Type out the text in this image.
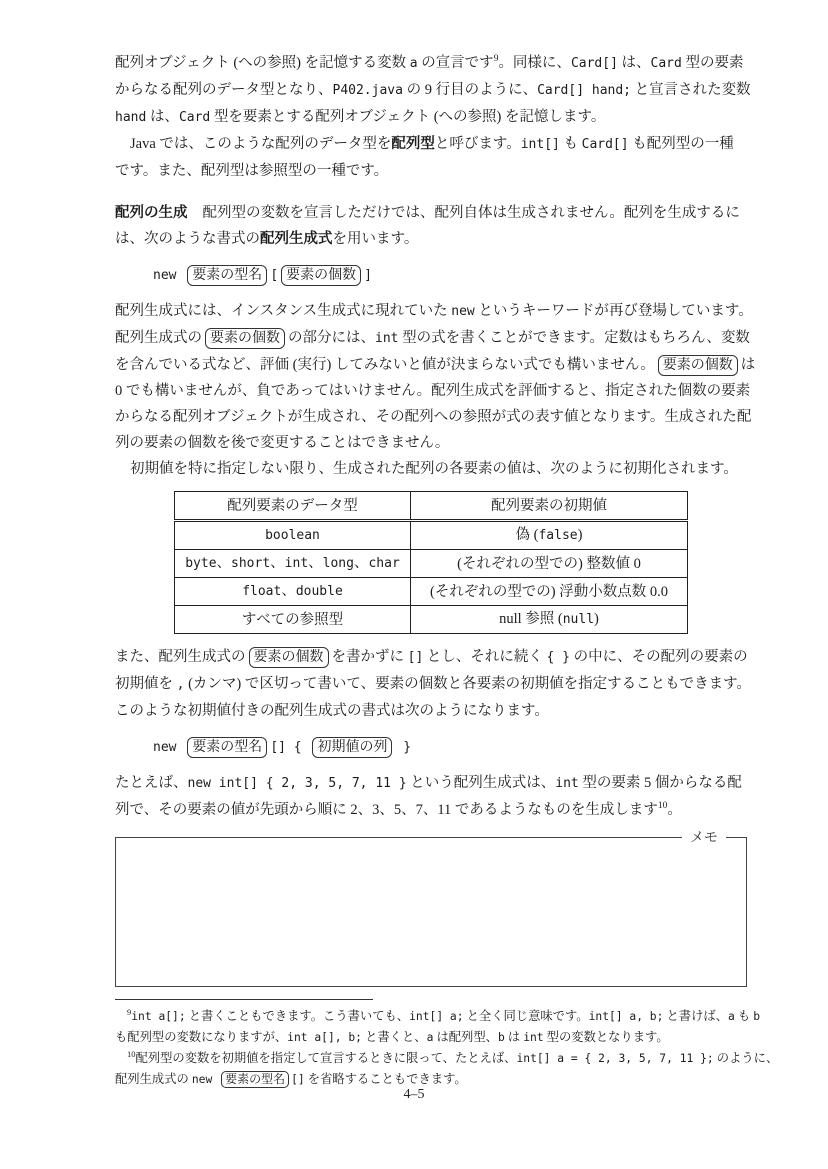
配列オブジェクト (への参照) を記憶する変数 a の宣言です$^9$。同様に、Card[] は、Card 型の要素
からなる配列のデータ型となり、P402.java の 9 行目のように、Card[] hand; と宣言された変数
hand は、Card 型を要素とする配列オブジェクト (への参照) を記憶します。
Java では、このような配列のデータ型を配列型と呼びます。int[] も Card[] も配列型の一種
です。また、配列型は参照型の一種です。
配列の生成 配列型の変数を宣言しただけでは、配列自体は生成されません。配列を生成するに
は、次のような書式の配列生成式を用います。
new 要素の型名 [ 要素の個数 ]
配列生成式には、インスタンス生成式に現れていた new というキーワードが再び登場しています。
配列生成式の 要素の個数 の部分には、int 型の式を書くことができます。定数はもちろん、変数
を含んでいる式など、評価 (実行) してみないと値が決まらない式でも構いません。 要素の個数 は
0 でも構いませんが、負であってはいけません。配列生成式を評価すると、指定された個数の要素
からなる配列オブジェクトが生成され、その配列への参照が式の表す値となります。生成された配
列の要素の個数を後で変更することはできません。
初期値を特に指定しない限り、生成された配列の各要素の値は、次のように初期化されます。
配列要素のデータ型	配列要素の初期値
boolean	偽 (false)
byte、short、int、long、char	(それぞれの型での) 整数値 0
float、double	(それぞれの型での) 浮動小数点数 0.0
すべての参照型	null 参照 (null)
また、配列生成式の 要素の個数 を書かずに [] とし、それに続く { } の中に、その配列の要素の
初期値を , (カンマ) で区切って書いて、要素の個数と各要素の初期値を指定することもできます。
このような初期値付きの配列生成式の書式は次のようになります。
new 要素の型名 [] { 初期値の列 }
たとえば、new int[] { 2, 3, 5, 7, 11 } という配列生成式は、int 型の要素 5 個からなる配
列で、その要素の値が先頭から順に 2、3、5、7、11 であるようなものを生成します$^{10}$。
メモ
$^9$int a[]; と書くこともできます。こう書いても、int[] a; と全く同じ意味です。int[] a, b; と書けば、a も b
も配列型の変数になりますが、int a[], b; と書くと、a は配列型、b は int 型の変数となります。
$^{10}$配列型の変数を初期値を指定して宣言するときに限って、たとえば、int[] a = { 2, 3, 5, 7, 11 }; のように、
配列生成式の new 要素の型名 [] を省略することもできます。
4–5
